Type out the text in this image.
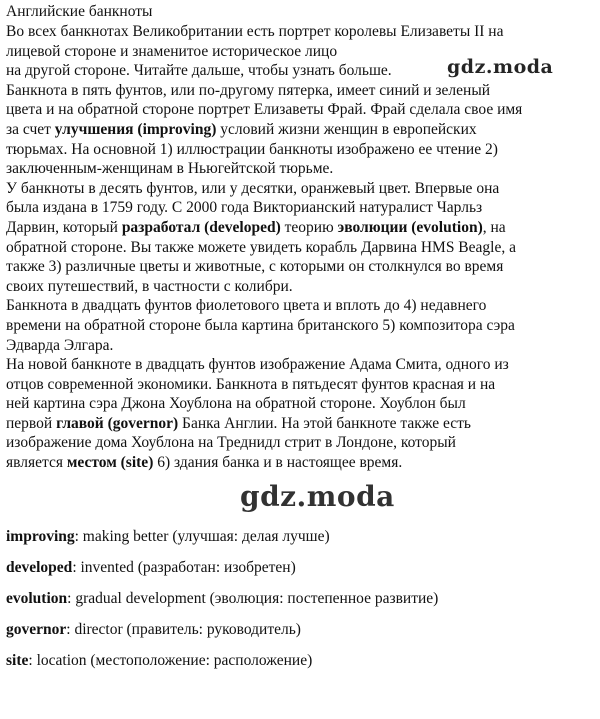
Английские банкноты

Во всех банкнотах Великобритании есть портрет королевы Елизаветы II на
лицевой стороне и знаменитое историческое лицо
на другой стороне. Читайте дальше, чтобы узнать больше.
Банкнота в пять фунтов, или по-другому пятерка, имеет синий и зеленый
цвета и на обратной стороне портрет Елизаветы Фрай. Фрай сделала свое имя
за счет улучшения (improving) условий жизни женщин в европейских
тюрьмах. На основной 1) иллюстрации банкноты изображено ее чтение 2)
заключенным-женщинам в Ньюгейтской тюрьме.

У банкноты в десять фунтов, или у десятки, оранжевый цвет. Впервые она
была издана в 1759 году. С 2000 года Викторианский натуралист Чарльз
Дарвин, который разработал (developed) теорию эволюции (evolution), на
обратной стороне. Вы также можете увидеть корабль Дарвина HMS Beagle, а
также 3) различные цветы и животные, с которыми он столкнулся во время
своих путешествий, в частности с колибри.

Банкнота в двадцать фунтов фиолетового цвета и вплоть до 4) недавнего
времени на обратной стороне была картина британского 5) композитора сэра
Эдварда Элгара.

На новой банкноте в двадцать фунтов изображение Адама Смита, одного из
отцов современной экономики. Банкнота в пятьдесят фунтов красная и на
ней картина сэра Джона Хоублона на обратной стороне. Хоублон был
первой главой (governor) Банка Англии. На этой банкноте также есть
изображение дома Хоублона на Треднидл стрит в Лондоне, который
является местом (site) 6) здания банка и в настоящее время.

gdz.moda
gdz.moda
improving: making better (улучшая: делая лучше)
developed: invented (разработан: изобретен)
evolution: gradual development (эволюция: постепенное развитие)
governor: director (правитель: руководитель)
site: location (местоположение: расположение)
